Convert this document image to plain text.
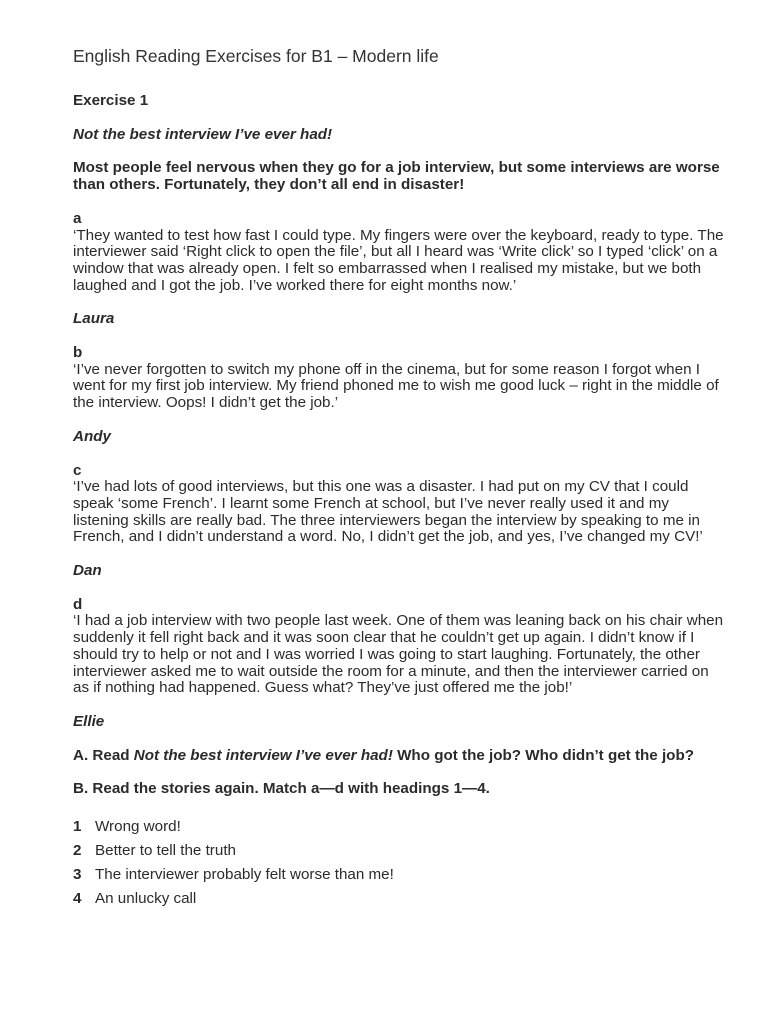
English Reading Exercises for B1 – Modern life

Exercise 1

Not the best interview I’ve ever had!

Most people feel nervous when they go for a job interview, but some interviews are worse than others. Fortunately, they don’t all end in disaster!

a
‘They wanted to test how fast I could type. My fingers were over the keyboard, ready to type. The interviewer said ‘Right click to open the file’, but all I heard was ‘Write click’ so I typed ‘click’ on a window that was already open. I felt so embarrassed when I realised my mistake, but we both laughed and I got the job. I’ve worked there for eight months now.’

Laura

b
‘I’ve never forgotten to switch my phone off in the cinema, but for some reason I forgot when I went for my first job interview. My friend phoned me to wish me good luck – right in the middle of the interview. Oops! I didn’t get the job.’

Andy

c
‘I’ve had lots of good interviews, but this one was a disaster. I had put on my CV that I could speak ‘some French’. I learnt some French at school, but I’ve never really used it and my listening skills are really bad. The three interviewers began the interview by speaking to me in French, and I didn’t understand a word. No, I didn’t get the job, and yes, I’ve changed my CV!’

Dan

d
‘I had a job interview with two people last week. One of them was leaning back on his chair when suddenly it fell right back and it was soon clear that he couldn’t get up again. I didn’t know if I should try to help or not and I was worried I was going to start laughing. Fortunately, the other interviewer asked me to wait outside the room for a minute, and then the interviewer carried on as if nothing had happened. Guess what? They’ve just offered me the job!’

Ellie

A. Read Not the best interview I’ve ever had! Who got the job? Who didn’t get the job?

B. Read the stories again. Match a—d with headings 1—4.

1 Wrong word!
2 Better to tell the truth
3 The interviewer probably felt worse than me!
4 An unlucky call
